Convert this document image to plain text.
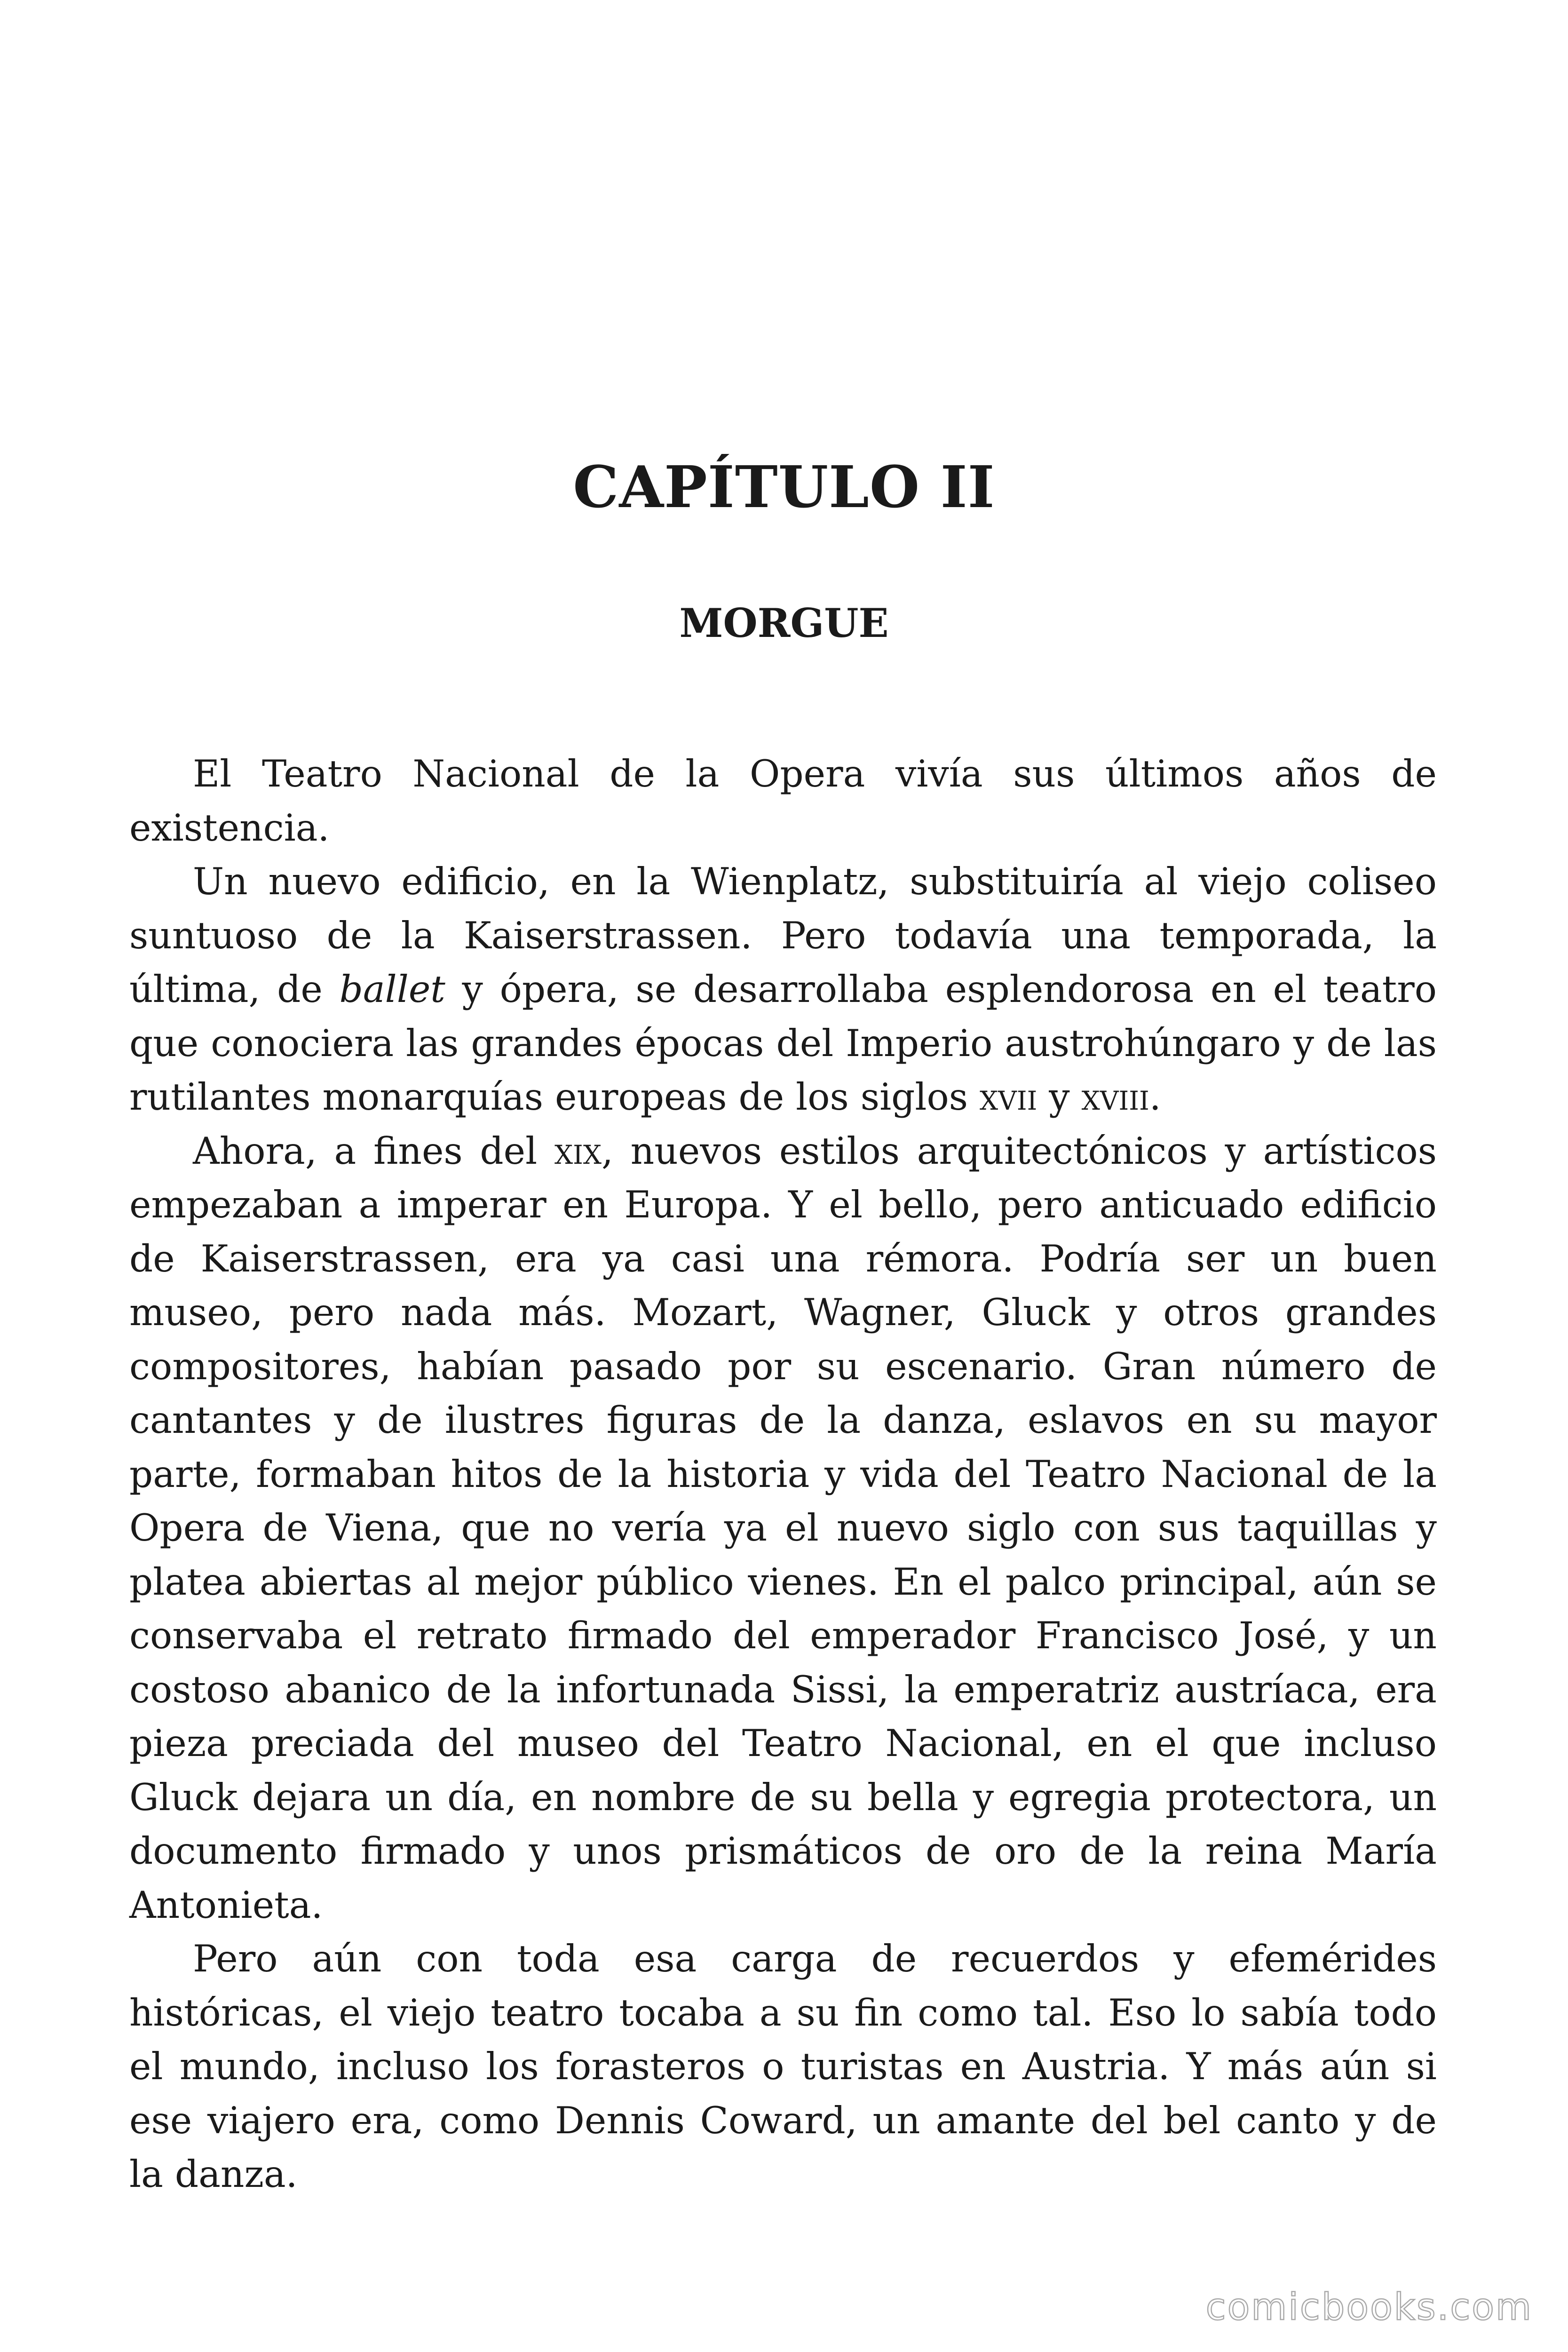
CAPÍTULO II
MORGUE

El Teatro Nacional de la Opera vivía sus últimos años de existencia.

Un nuevo edificio, en la Wienplatz, substituiría al viejo coliseo suntuoso de la Kaiserstrassen. Pero todavía una temporada, la última, de ballet y ópera, se desarrollaba esplendorosa en el teatro que conociera las grandes épocas del Imperio austrohúngaro y de las rutilantes monarquías europeas de los siglos xvii y xviii.

Ahora, a fines del xix, nuevos estilos arquitectónicos y artísticos empezaban a imperar en Europa. Y el bello, pero anticuado edificio de Kaiserstrassen, era ya casi una rémora. Podría ser un buen museo, pero nada más. Mozart, Wagner, Gluck y otros grandes compositores, habían pasado por su escenario. Gran número de cantantes y de ilustres figuras de la danza, eslavos en su mayor parte, formaban hitos de la historia y vida del Teatro Nacional de la Opera de Viena, que no vería ya el nuevo siglo con sus taquillas y platea abiertas al mejor público vienes. En el palco principal, aún se conservaba el retrato firmado del emperador Francisco José, y un costoso abanico de la infortunada Sissi, la emperatriz austríaca, era pieza preciada del museo del Teatro Nacional, en el que incluso Gluck dejara un día, en nombre de su bella y egregia protectora, un documento firmado y unos prismáticos de oro de la reina María Antonieta.

Pero aún con toda esa carga de recuerdos y efemérides históricas, el viejo teatro tocaba a su fin como tal. Eso lo sabía todo el mundo, incluso los forasteros o turistas en Austria. Y más aún si ese viajero era, como Dennis Coward, un amante del bel canto y de la danza.

comicbooks.com
